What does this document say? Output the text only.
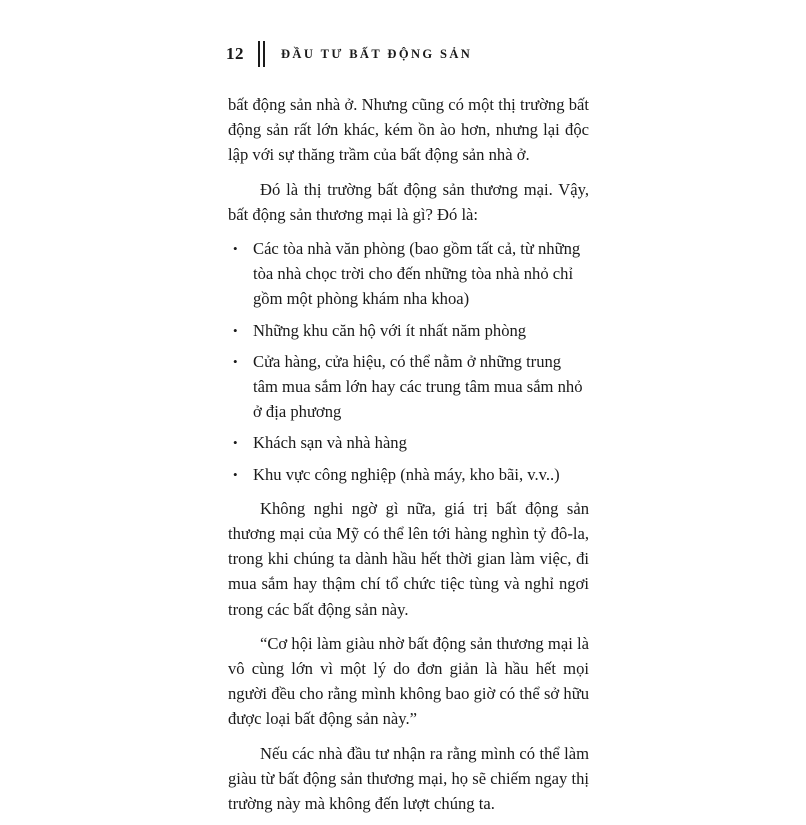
12	ĐẦU TƯ BẤT ĐỘNG SẢN

bất động sản nhà ở. Nhưng cũng có một thị trường bất động sản rất lớn khác, kém ồn ào hơn, nhưng lại độc lập với sự thăng trầm của bất động sản nhà ở.

Đó là thị trường bất động sản thương mại. Vậy, bất động sản thương mại là gì? Đó là:

• Các tòa nhà văn phòng (bao gồm tất cả, từ những tòa nhà chọc trời cho đến những tòa nhà nhỏ chỉ gồm một phòng khám nha khoa)
• Những khu căn hộ với ít nhất năm phòng
• Cửa hàng, cửa hiệu, có thể nằm ở những trung tâm mua sắm lớn hay các trung tâm mua sắm nhỏ ở địa phương
• Khách sạn và nhà hàng
• Khu vực công nghiệp (nhà máy, kho bãi, v.v..)

Không nghi ngờ gì nữa, giá trị bất động sản thương mại của Mỹ có thể lên tới hàng nghìn tỷ đô-la, trong khi chúng ta dành hầu hết thời gian làm việc, đi mua sắm hay thậm chí tổ chức tiệc tùng và nghỉ ngơi trong các bất động sản này.

“Cơ hội làm giàu nhờ bất động sản thương mại là vô cùng lớn vì một lý do đơn giản là hầu hết mọi người đều cho rằng mình không bao giờ có thể sở hữu được loại bất động sản này.”

Nếu các nhà đầu tư nhận ra rằng mình có thể làm giàu từ bất động sản thương mại, họ sẽ chiếm ngay thị trường này mà không đến lượt chúng ta.
